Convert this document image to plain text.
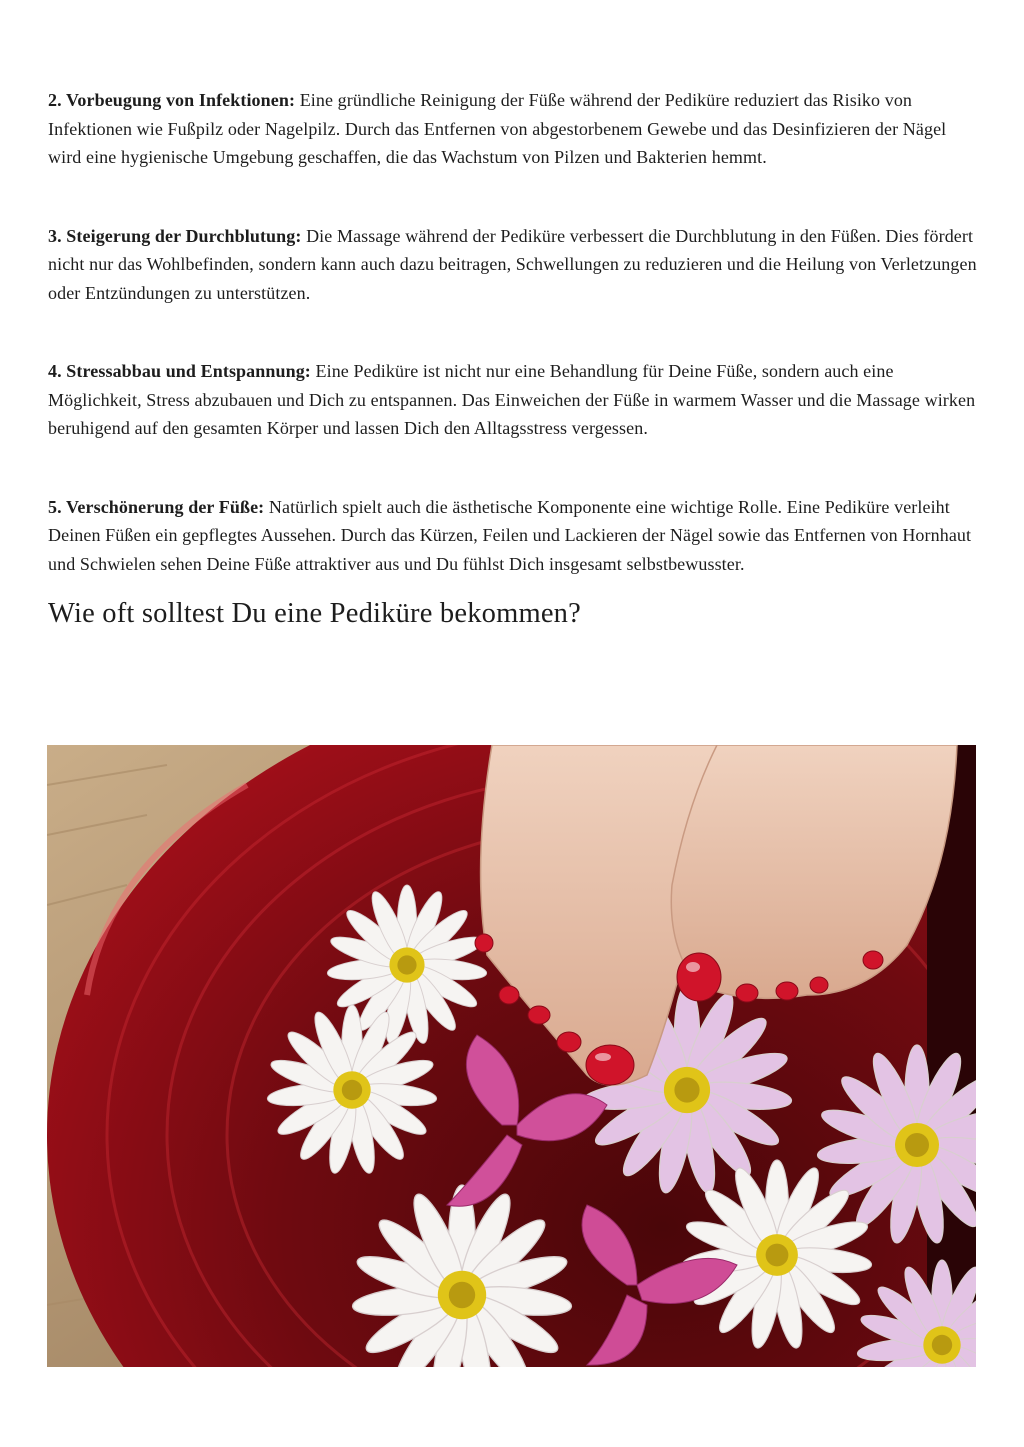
2. Vorbeugung von Infektionen: Eine gründliche Reinigung der Füße während der Pediküre reduziert das Risiko von Infektionen wie Fußpilz oder Nagelpilz. Durch das Entfernen von abgestorbenem Gewebe und das Desinfizieren der Nägel wird eine hygienische Umgebung geschaffen, die das Wachstum von Pilzen und Bakterien hemmt.

3. Steigerung der Durchblutung: Die Massage während der Pediküre verbessert die Durchblutung in den Füßen. Dies fördert nicht nur das Wohlbefinden, sondern kann auch dazu beitragen, Schwellungen zu reduzieren und die Heilung von Verletzungen oder Entzündungen zu unterstützen.

4. Stressabbau und Entspannung: Eine Pediküre ist nicht nur eine Behandlung für Deine Füße, sondern auch eine Möglichkeit, Stress abzubauen und Dich zu entspannen. Das Einweichen der Füße in warmem Wasser und die Massage wirken beruhigend auf den gesamten Körper und lassen Dich den Alltagsstress vergessen.

5. Verschönerung der Füße: Natürlich spielt auch die ästhetische Komponente eine wichtige Rolle. Eine Pediküre verleiht Deinen Füßen ein gepflegtes Aussehen. Durch das Kürzen, Feilen und Lackieren der Nägel sowie das Entfernen von Hornhaut und Schwielen sehen Deine Füße attraktiver aus und Du fühlst Dich insgesamt selbstbewusster.

Wie oft solltest Du eine Pediküre bekommen?
